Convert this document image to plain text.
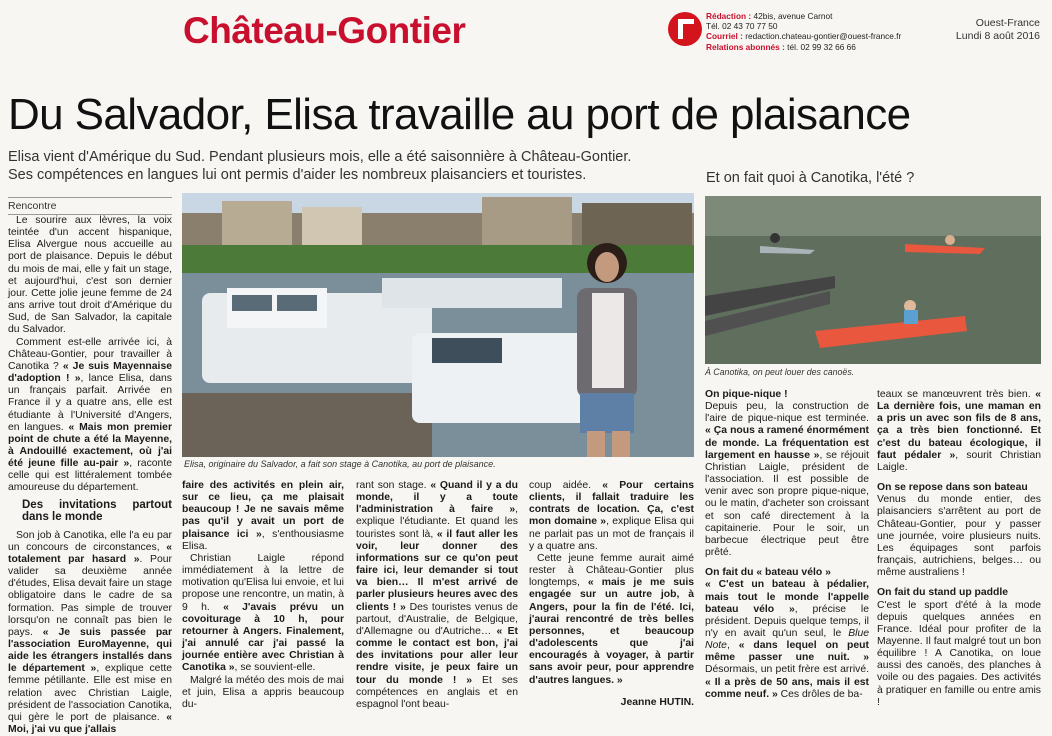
Château-Gontier	Rédaction : 42bis, avenue Carnot
Tél. 02 43 70 77 50
Courriel : redaction.chateau-gontier@ouest-france.fr
Relations abonnés : tél. 02 99 32 66 66
Ouest-France
Lundi 8 août 2016
Du Salvador, Elisa travaille au port de plaisance
Elisa vient d'Amérique du Sud. Pendant plusieurs mois, elle a été saisonnière à Château-Gontier.
Ses compétences en langues lui ont permis d'aider les nombreux plaisanciers et touristes.
Rencontre

Le sourire aux lèvres, la voix teintée d'un accent hispanique, Elisa Alvergue nous accueille au port de plaisance. Depuis le début du mois de mai, elle y fait un stage, et aujourd'hui, c'est son dernier jour. Cette jolie jeune femme de 24 ans arrive tout droit d'Amérique du Sud, de San Salvador, la capitale du Salvador.

Comment est-elle arrivée ici, à Château-Gontier, pour travailler à Canotika ? « Je suis Mayennaise d'adoption ! », lance Elisa, dans un français parfait. Arrivée en France il y a quatre ans, elle est étudiante à l'Université d'Angers, en langues. « Mais mon premier point de chute a été la Mayenne, à Andouillé exactement, où j'ai été jeune fille au-pair », raconte celle qui est littéralement tombée amoureuse du département.

Des invitations partout dans le monde

Son job à Canotika, elle l'a eu par un concours de circonstances, « totalement par hasard ». Pour valider sa deuxième année d'études, Elisa devait faire un stage obligatoire dans le cadre de sa formation. Pas simple de trouver lorsqu'on ne connaît pas bien le pays. « Je suis passée par l'association EuroMayenne, qui aide les étrangers installés dans le département », explique cette femme pétillante. Elle est mise en relation avec Christian Laigle, président de l'association Canotika, qui gère le port de plaisance. « Moi, j'ai vu que j'allais

Elisa, originaire du Salvador, a fait son stage à Canotika, au port de plaisance.

faire des activités en plein air, sur ce lieu, ça me plaisait beaucoup ! Je ne savais même pas qu'il y avait un port de plaisance ici », s'enthousiasme Elisa.

Christian Laigle répond immédiatement à la lettre de motivation qu'Elisa lui envoie, et lui propose une rencontre, un matin, à 9 h. « J'avais prévu un covoiturage à 10 h, pour retourner à Angers. Finalement, j'ai annulé car j'ai passé la journée entière avec Christian à Canotika », se souvient-elle.

Malgré la météo des mois de mai et juin, Elisa a appris beaucoup du-

rant son stage. « Quand il y a du monde, il y a toute l'administration à faire », explique l'étudiante. Et quand les touristes sont là, « il faut aller les voir, leur donner des informations sur ce qu'on peut faire ici, leur demander si tout va bien… Il m'est arrivé de parler plusieurs heures avec des clients ! » Des touristes venus de partout, d'Australie, de Belgique, d'Allemagne ou d'Autriche… « Et comme le contact est bon, j'ai des invitations pour aller leur rendre visite, je peux faire un tour du monde ! » Et ses compétences en anglais et en espagnol l'ont beau-

coup aidée. « Pour certains clients, il fallait traduire les contrats de location. Ça, c'est mon domaine », explique Elisa qui ne parlait pas un mot de français il y a quatre ans.

Cette jeune femme aurait aimé rester à Château-Gontier plus longtemps, « mais je me suis engagée sur un autre job, à Angers, pour la fin de l'été. Ici, j'aurai rencontré de très belles personnes, et beaucoup d'adolescents que j'ai encouragés à voyager, à partir sans avoir peur, pour apprendre d'autres langues. »

Jeanne HUTIN.
Et on fait quoi à Canotika, l'été ?
À Canotika, on peut louer des canoës.
On pique-nique !

Depuis peu, la construction de l'aire de pique-nique est terminée. « Ça nous a ramené énormément de monde. La fréquentation est largement en hausse », se réjouit Christian Laigle, président de l'association. Il est possible de venir avec son propre pique-nique, ou le matin, d'acheter son croissant et son café directement à la capitainerie. Pour le soir, un barbecue électrique peut être prêté.

On fait du « bateau vélo »

« C'est un bateau à pédalier, mais tout le monde l'appelle bateau vélo », précise le président. Depuis quelque temps, il n'y en avait qu'un seul, le Blue Note, « dans lequel on peut même passer une nuit. » Désormais, un petit frère est arrivé. « Il a près de 50 ans, mais il est comme neuf. » Ces drôles de ba-

teaux se manœuvrent très bien. « La dernière fois, une maman en a pris un avec son fils de 8 ans, ça a très bien fonctionné. Et c'est du bateau écologique, il faut pédaler », sourit Christian Laigle.

On se repose dans son bateau

Venus du monde entier, des plaisanciers s'arrêtent au port de Château-Gontier, pour y passer une journée, voire plusieurs nuits. Les équipages sont parfois français, autrichiens, belges… ou même australiens !

On fait du stand up paddle

C'est le sport d'été à la mode depuis quelques années en France. Idéal pour profiter de la Mayenne. Il faut malgré tout un bon équilibre ! A Canotika, on loue aussi des canoës, des planches à voile ou des pagaies. Des activités à pratiquer en famille ou entre amis !
